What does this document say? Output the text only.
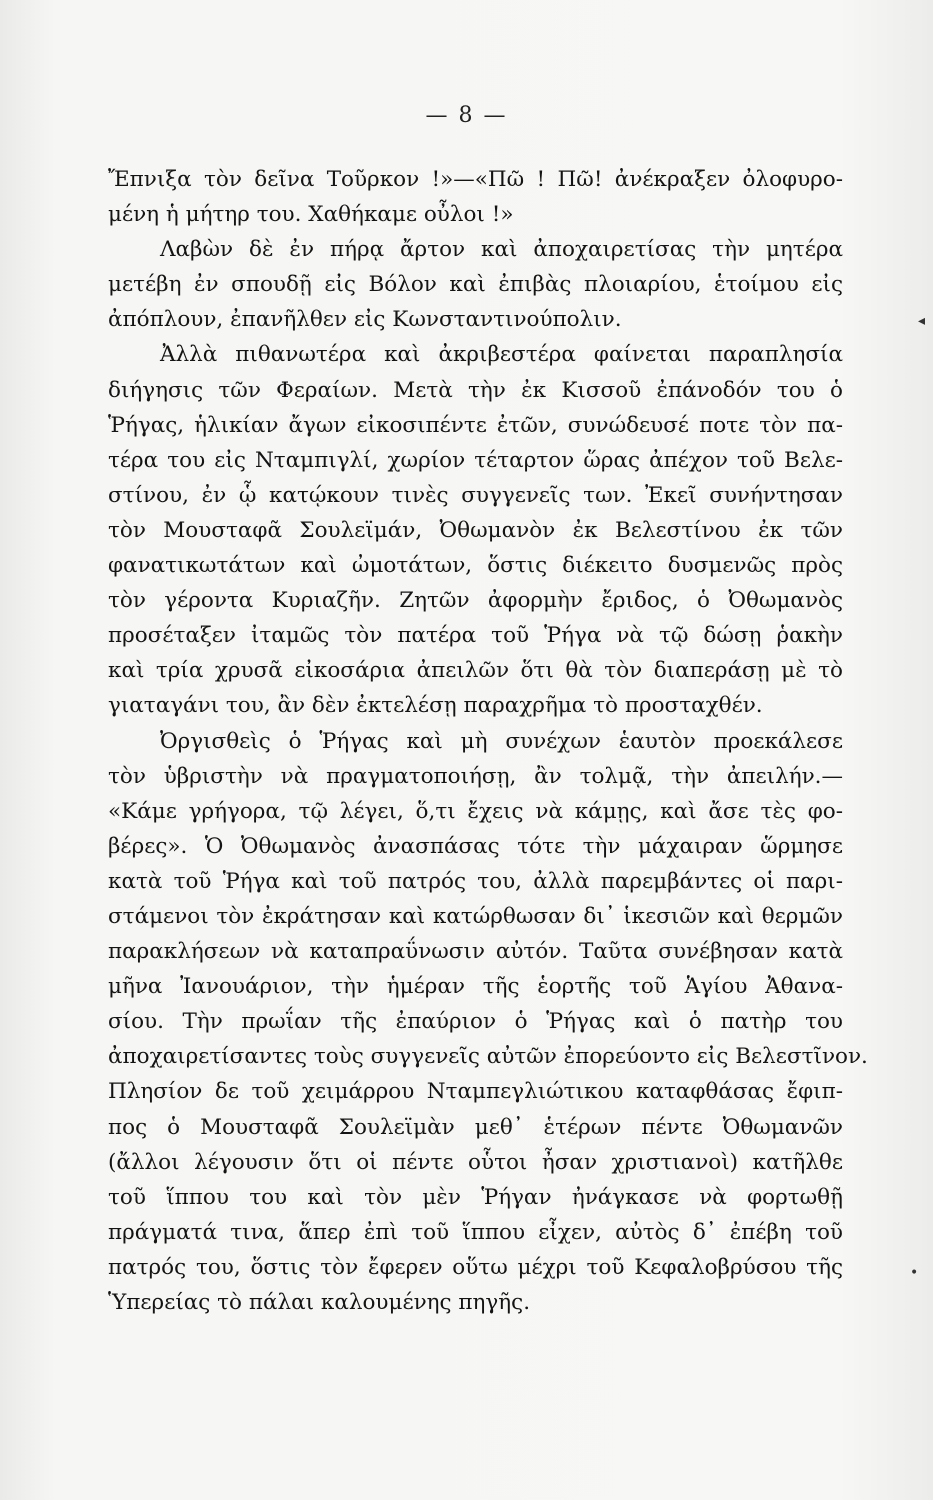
— 8 —
Ἔπνιξα τὸν δεῖνα Τοῦρκον !»—«Πῶ ! Πῶ! ἀνέκραξεν ὀλοφυρο-
μένη ἡ μήτηρ του. Χαθήκαμε οὖλοι !»
Λαβὼν δὲ ἐν πήρᾳ ἄρτον καὶ ἀποχαιρετίσας τὴν μητέρα
μετέβη ἐν σπουδῇ εἰς Βόλον καὶ ἐπιβὰς πλοιαρίου, ἑτοίμου εἰς
ἀπόπλουν, ἐπανῆλθεν εἰς Κωνσταντινούπολιν.
Ἀλλὰ πιθανωτέρα καὶ ἀκριβεστέρα φαίνεται παραπλησία
διήγησις τῶν Φεραίων. Μετὰ τὴν ἐκ Κισσοῦ ἐπάνοδόν του ὁ
Ῥήγας, ἡλικίαν ἄγων εἰκοσιπέντε ἐτῶν, συνώδευσέ ποτε τὸν πα-
τέρα του εἰς Νταμπιγλί, χωρίον τέταρτον ὥρας ἀπέχον τοῦ Βελε-
στίνου, ἐν ᾧ κατῴκουν τινὲς συγγενεῖς των. Ἐκεῖ συνήντησαν
τὸν Μουσταφᾶ Σουλεϊμάν, Ὀθωμανὸν ἐκ Βελεστίνου ἐκ τῶν
φανατικωτάτων καὶ ὠμοτάτων, ὅστις διέκειτο δυσμενῶς πρὸς
τὸν γέροντα Κυριαζῆν. Ζητῶν ἀφορμὴν ἔριδος, ὁ Ὀθωμανὸς
προσέταξεν ἰταμῶς τὸν πατέρα τοῦ Ῥήγα νὰ τῷ δώσῃ ῥακὴν
καὶ τρία χρυσᾶ εἰκοσάρια ἀπειλῶν ὅτι θὰ τὸν διαπεράσῃ μὲ τὸ
γιαταγάνι του, ἂν δὲν ἐκτελέσῃ παραχρῆμα τὸ προσταχθέν.
Ὀργισθεὶς ὁ Ῥήγας καὶ μὴ συνέχων ἑαυτὸν προεκάλεσε
τὸν ὑβριστὴν νὰ πραγματοποιήσῃ, ἂν τολμᾷ, τὴν ἀπειλήν.—
«Κάμε γρήγορα, τῷ λέγει, ὅ,τι ἔχεις νὰ κάμῃς, καὶ ἄσε τὲς φο-
βέρες». Ὁ Ὀθωμανὸς ἀνασπάσας τότε τὴν μάχαιραν ὥρμησε
κατὰ τοῦ Ῥήγα καὶ τοῦ πατρός του, ἀλλὰ παρεμβάντες οἱ παρι-
στάμενοι τὸν ἐκράτησαν καὶ κατώρθωσαν δι᾽ ἱκεσιῶν καὶ θερμῶν
παρακλήσεων νὰ καταπραΰνωσιν αὐτόν. Ταῦτα συνέβησαν κατὰ
μῆνα Ἰανουάριον, τὴν ἡμέραν τῆς ἑορτῆς τοῦ Ἁγίου Ἀθανα-
σίου. Τὴν πρωΐαν τῆς ἐπαύριον ὁ Ῥήγας καὶ ὁ πατὴρ του
ἀποχαιρετίσαντες τοὺς συγγενεῖς αὐτῶν ἐπορεύοντο εἰς Βελεστῖνον.
Πλησίον δε τοῦ χειμάρρου Νταμπεγλιώτικου καταφθάσας ἔφιπ-
πος ὁ Μουσταφᾶ Σουλεϊμὰν μεθ᾽ ἑτέρων πέντε Ὀθωμανῶν
(ἄλλοι λέγουσιν ὅτι οἱ πέντε οὗτοι ἦσαν χριστιανοὶ) κατῆλθε
τοῦ ἵππου του καὶ τὸν μὲν Ῥήγαν ἠνάγκασε νὰ φορτωθῇ
πράγματά τινα, ἅπερ ἐπὶ τοῦ ἵππου εἶχεν, αὐτὸς δ᾽ ἐπέβη τοῦ
πατρός του, ὅστις τὸν ἔφερεν οὕτω μέχρι τοῦ Κεφαλοβρύσου τῆς
Ὑπερείας τὸ πάλαι καλουμένης πηγῆς.
◂
•
